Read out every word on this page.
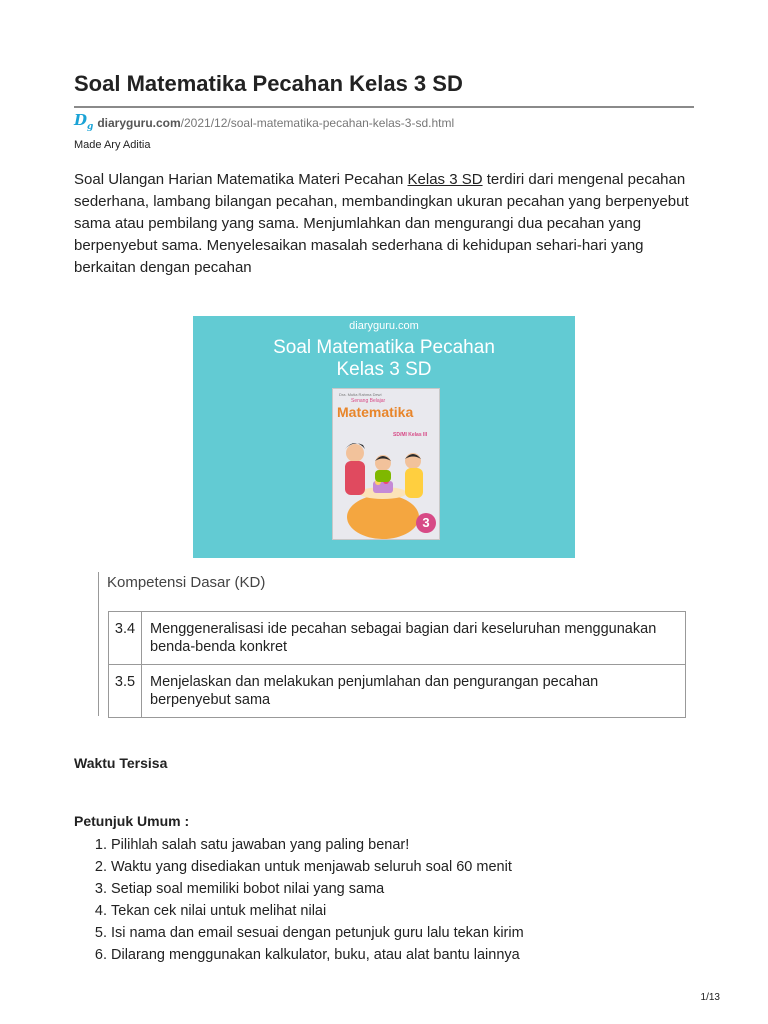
Soal Matematika Pecahan Kelas 3 SD
$D_g$ diaryguru.com/2021/12/soal-matematika-pecahan-kelas-3-sd.html
Made Ary Aditia

Soal Ulangan Harian Matematika Materi Pecahan Kelas 3 SD terdiri dari mengenal pecahan sederhana, lambang bilangan pecahan, membandingkan ukuran pecahan yang berpenyebut sama atau pembilang yang sama. Menjumlahkan dan mengurangi dua pecahan yang berpenyebut sama. Menyelesaikan masalah sederhana di kehidupan sehari-hari yang berkaitan dengan pecahan

diaryguru.com
Soal Matematika Pecahan
Kelas 3 SD
Dra. Mutia Rahma Dewi
Senang Belajar
Matematika
SD/MI Kelas III
3
Kompetensi Dasar (KD)
3.4	Menggeneralisasi ide pecahan sebagai bagian dari keseluruhan menggunakan benda-benda konkret
3.5	Menjelaskan dan melakukan penjumlahan dan pengurangan pecahan berpenyebut sama
Waktu Tersisa
Petunjuk Umum :
1. Pilihlah salah satu jawaban yang paling benar!
2. Waktu yang disediakan untuk menjawab seluruh soal 60 menit
3. Setiap soal memiliki bobot nilai yang sama
4. Tekan cek nilai untuk melihat nilai
5. Isi nama dan email sesuai dengan petunjuk guru lalu tekan kirim
6. Dilarang menggunakan kalkulator, buku, atau alat bantu lainnya
1/13
